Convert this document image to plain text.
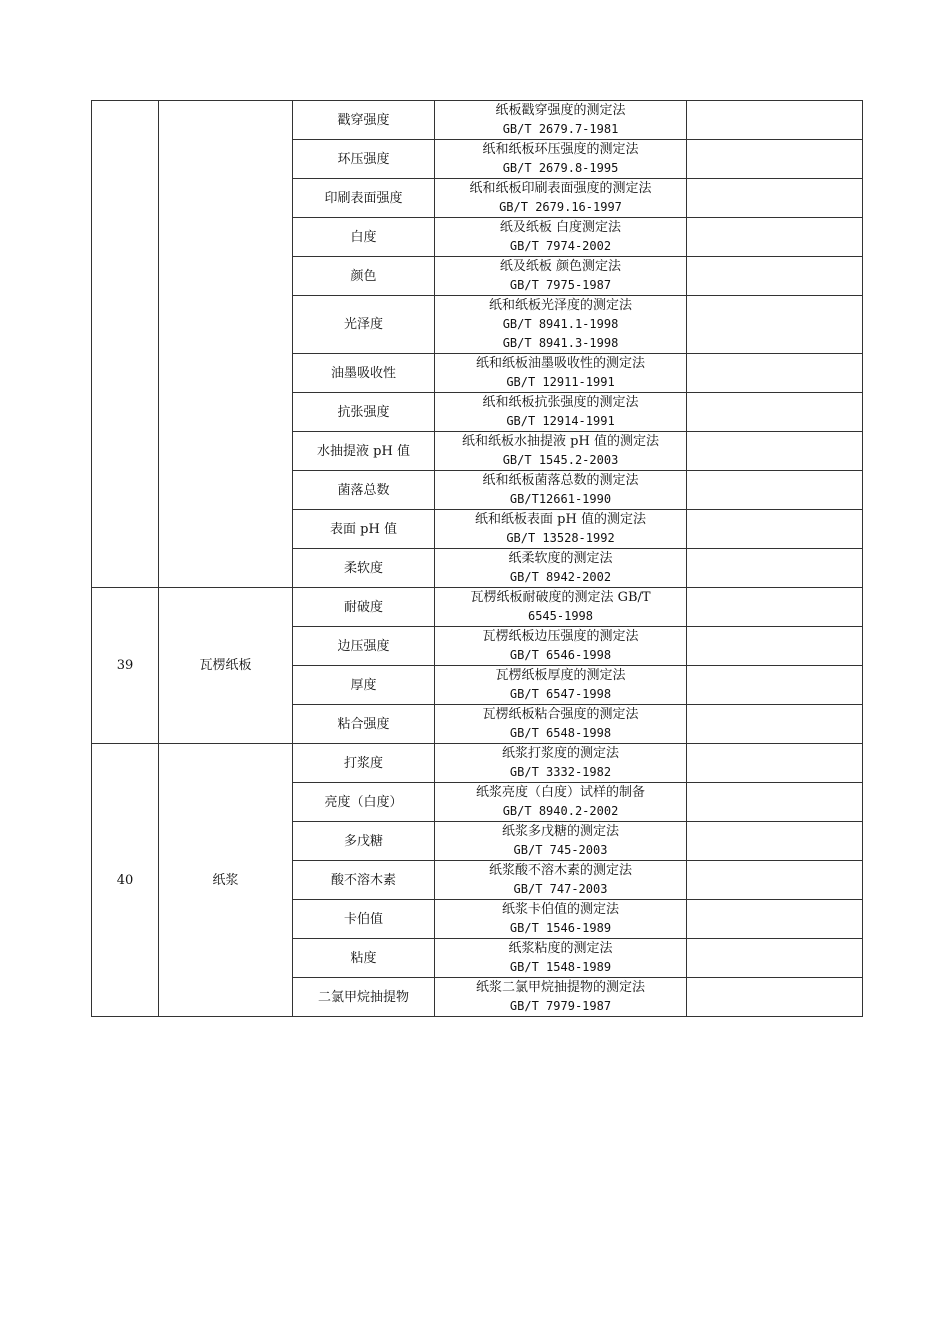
		戳穿强度	纸板戳穿强度的测定法
GB/T 2679.7-1981	

		环压强度	纸和纸板环压强度的测定法
GB/T 2679.8-1995	

		印刷表面强度	纸和纸板印刷表面强度的测定法
GB/T 2679.16-1997	

		白度	纸及纸板 白度测定法
GB/T 7974-2002	

		颜色	纸及纸板 颜色测定法
GB/T 7975-1987	

		光泽度	纸和纸板光泽度的测定法
GB/T 8941.1-1998
GB/T 8941.3-1998	

		油墨吸收性	纸和纸板油墨吸收性的测定法
GB/T 12911-1991	

		抗张强度	纸和纸板抗张强度的测定法
GB/T 12914-1991	

		水抽提液 pH 值	纸和纸板水抽提液 pH 值的测定法
GB/T 1545.2-2003	

		菌落总数	纸和纸板菌落总数的测定法
GB/T12661-1990	

		表面 pH 值	纸和纸板表面 pH 值的测定法
GB/T 13528-1992	

		柔软度	纸柔软度的测定法
GB/T 8942-2002	

39	瓦楞纸板	耐破度	瓦楞纸板耐破度的测定法 GB/T
6545-1998	

		边压强度	瓦楞纸板边压强度的测定法
GB/T 6546-1998	

		厚度	瓦楞纸板厚度的测定法
GB/T 6547-1998	

		粘合强度	瓦楞纸板粘合强度的测定法
GB/T 6548-1998	

40	纸浆	打浆度	纸浆打浆度的测定法
GB/T 3332-1982	

		亮度（白度）	纸浆亮度（白度）试样的制备
GB/T 8940.2-2002	

		多戊糖	纸浆多戊糖的测定法
GB/T 745-2003	

		酸不溶木素	纸浆酸不溶木素的测定法
GB/T 747-2003	

		卡伯值	纸浆卡伯值的测定法
GB/T 1546-1989	

		粘度	纸浆粘度的测定法
GB/T 1548-1989	

		二氯甲烷抽提物	纸浆二氯甲烷抽提物的测定法
GB/T 7979-1987	
